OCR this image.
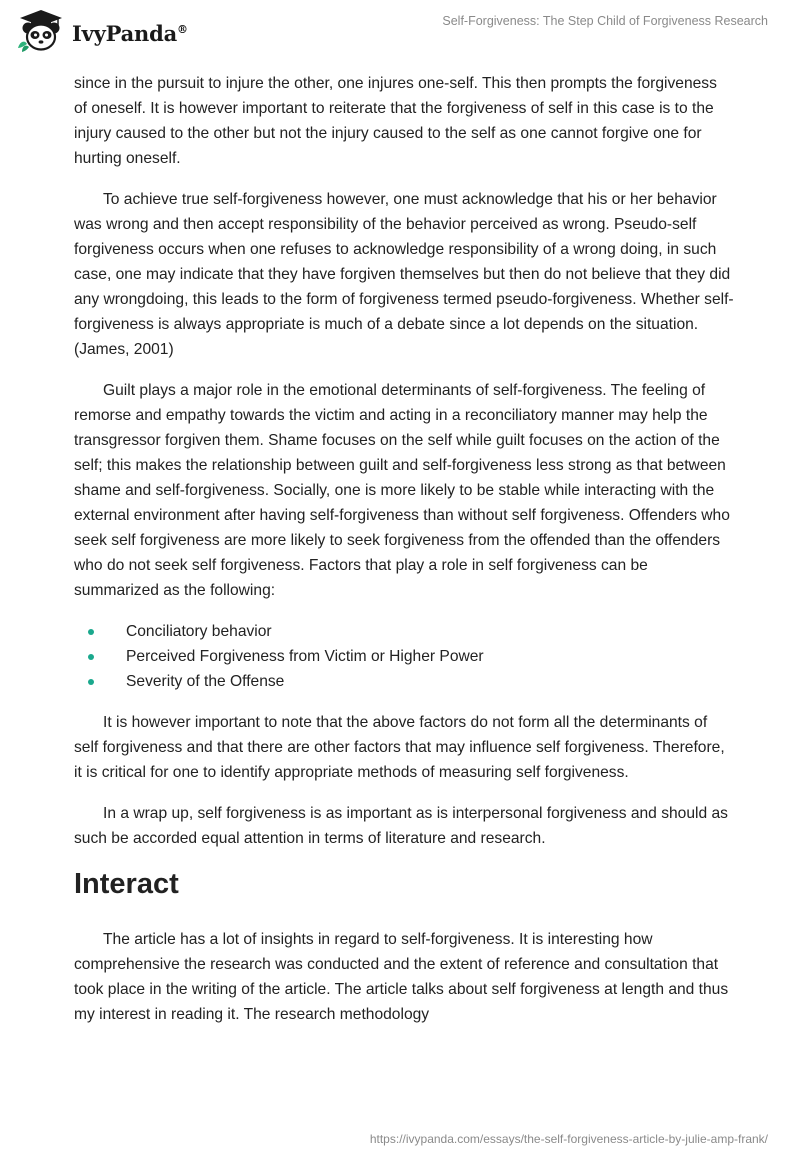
IvyPanda®
Self-Forgiveness: The Step Child of Forgiveness Research

since in the pursuit to injure the other, one injures one-self. This then prompts the forgiveness of oneself. It is however important to reiterate that the forgiveness of self in this case is to the injury caused to the other but not the injury caused to the self as one cannot forgive one for hurting oneself.

To achieve true self-forgiveness however, one must acknowledge that his or her behavior was wrong and then accept responsibility of the behavior perceived as wrong. Pseudo-self forgiveness occurs when one refuses to acknowledge responsibility of a wrong doing, in such case, one may indicate that they have forgiven themselves but then do not believe that they did any wrongdoing, this leads to the form of forgiveness termed pseudo-forgiveness. Whether self-forgiveness is always appropriate is much of a debate since a lot depends on the situation. (James, 2001)

Guilt plays a major role in the emotional determinants of self-forgiveness. The feeling of remorse and empathy towards the victim and acting in a reconciliatory manner may help the transgressor forgiven them. Shame focuses on the self while guilt focuses on the action of the self; this makes the relationship between guilt and self-forgiveness less strong as that between shame and self-forgiveness. Socially, one is more likely to be stable while interacting with the external environment after having self-forgiveness than without self forgiveness. Offenders who seek self forgiveness are more likely to seek forgiveness from the offended than the offenders who do not seek self forgiveness. Factors that play a role in self forgiveness can be summarized as the following:

Conciliatory behavior
Perceived Forgiveness from Victim or Higher Power
Severity of the Offense

It is however important to note that the above factors do not form all the determinants of self forgiveness and that there are other factors that may influence self forgiveness. Therefore, it is critical for one to identify appropriate methods of measuring self forgiveness.

In a wrap up, self forgiveness is as important as is interpersonal forgiveness and should as such be accorded equal attention in terms of literature and research.

Interact

The article has a lot of insights in regard to self-forgiveness. It is interesting how comprehensive the research was conducted and the extent of reference and consultation that took place in the writing of the article. The article talks about self forgiveness at length and thus my interest in reading it. The research methodology

https://ivypanda.com/essays/the-self-forgiveness-article-by-julie-amp-frank/
